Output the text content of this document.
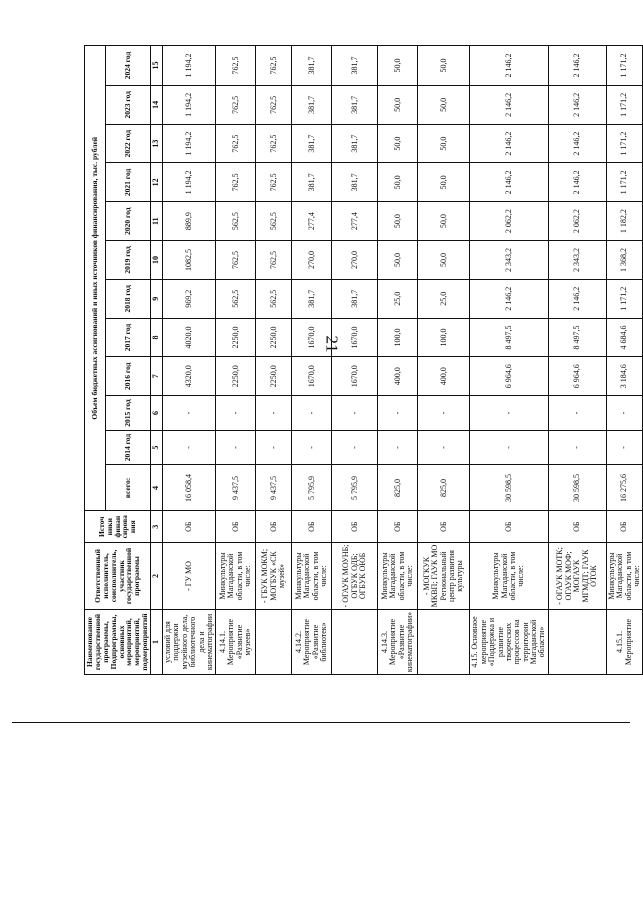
21
Наименование государственной программы, Подпрограммы, основных мероприятий, мероприятий, подмероприятий	Ответственный исполнитель, соисполнитель, участник государственной программы	Источ ники финан сирова ния	Объем бюджетных ассигнований и иных источников финансирования, тыс. рублей											
			всего:	2014 год	2015 год	2016 год	2017 год	2018 год	2019 год	2020 год	2021 год	2022 год	2023 год	2024 год
1	2	3	4	5	6	7	8	9	10	11	12	13	14	15
условий для поддержки музейного дела, библиотечного дела и кинематографии	- ГУ МО	ОБ	16 058,4	-	-	4320,0	4020,0	969,2	1082,5	889,9	1 194,2	1 194,2	1 194,2	1 194,2
4.14.1. Мероприятие «Развитие музеев»	Минкультуры Магаданской области, в том числе:	ОБ	9 437,5	-	-	2250,0	2250,0	562,5	762,5	562,5	762,5	762,5	762,5	762,5
	- ГБУК МОКМ; МОГБУК «СК музей»	ОБ	9 437,5	-	-	2250,0	2250,0	562,5	762,5	562,5	762,5	762,5	762,5	762,5
4.14.2. Мероприятие «Развитие библиотек»	Минкультуры Магаданской области, в том числе:	ОБ	5 795,9	-	-	1670,0	1670,0	381,7	270,0	277,4	381,7	381,7	381,7	381,7
	- ОГАУК МОУНБ; ОГБУК ОДБ; ОГБУК ОЮБ	ОБ	5 795,9	-	-	1670,0	1670,0	381,7	270,0	277,4	381,7	381,7	381,7	381,7
4.14.3. Мероприятие «Развитие кинематографии»	Минкультуры Магаданской области, в том числе:	ОБ	825,0	-	-	400,0	100,0	25,0	50,0	50,0	50,0	50,0	50,0	50,0
	- МОГКУК МКВП; ГАУК МО Региональный центр развития культуры	ОБ	825,0	-	-	400,0	100,0	25,0	50,0	50,0	50,0	50,0	50,0	50,0
4.15. Основное мероприятие «Поддержка и развитие творческих процессов на территории Магаданской области»	Минкультуры Магаданской области, в том числе:	ОБ	30 598,5	-	-	6 964,6	8 497,5	2 146,2	2 343,2	2 062,2	2 146,2	2 146,2	2 146,2	2 146,2
	- ОГАУК МОТК; ОГАУК МОФ; МОГАУК МГМДТ; ГАУК ОТОК	ОБ	30 598,5	-	-	6 964,6	8 497,5	2 146,2	2 343,2	2 062,2	2 146,2	2 146,2	2 146,2	2 146,2
4.15.1. Мероприятие	Минкультуры Магаданской области, в том числе:	ОБ	16 275,6	-	-	3 184,6	4 684,6	1 171,2	1 368,2	1 182,2	1 171,2	1 171,2	1 171,2	1 171,2
